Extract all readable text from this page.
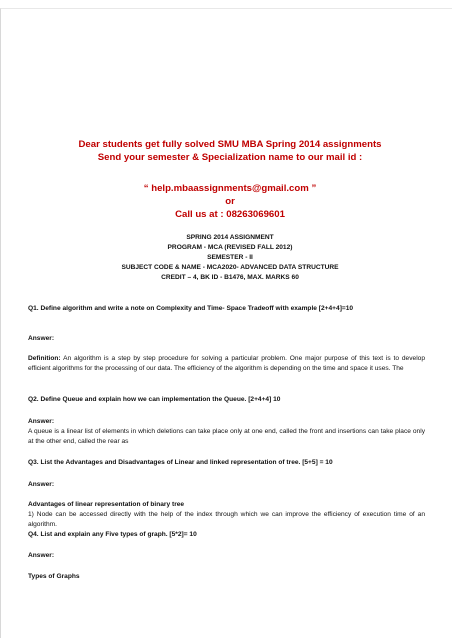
Dear students get fully solved SMU MBA Spring 2014 assignments
Send your semester & Specialization name to our mail id :
“ help.mbaassignments@gmail.com ”
or
Call us at : 08263069601
SPRING 2014 ASSIGNMENT
PROGRAM - MCA (REVISED FALL 2012)
SEMESTER - II
SUBJECT CODE & NAME - MCA2020- ADVANCED DATA STRUCTURE
CREDIT – 4, BK ID - B1476, MAX. MARKS 60
Q1. Define algorithm and write a note on Complexity and Time- Space Tradeoff with example [2+4+4]=10
Answer:
Definition: An algorithm is a step by step procedure for solving a particular problem. One major purpose of this text is to develop efficient algorithms for the processing of our data. The efficiency of the algorithm is depending on the time and space it uses. The
Q2. Define Queue and explain how we can implementation the Queue. [2+4+4] 10
Answer:
A queue is a linear list of elements in which deletions can take place only at one end, called the front and insertions can take place only at the other end, called the rear as
Q3. List the Advantages and Disadvantages of Linear and linked representation of tree. [5+5] = 10
Answer:
Advantages of linear representation of binary tree
1) Node can be accessed directly with the help of the index through which we can improve the efficiency of execution time of an algorithm.
Q4. List and explain any Five types of graph. [5*2]= 10
Answer:
Types of Graphs
